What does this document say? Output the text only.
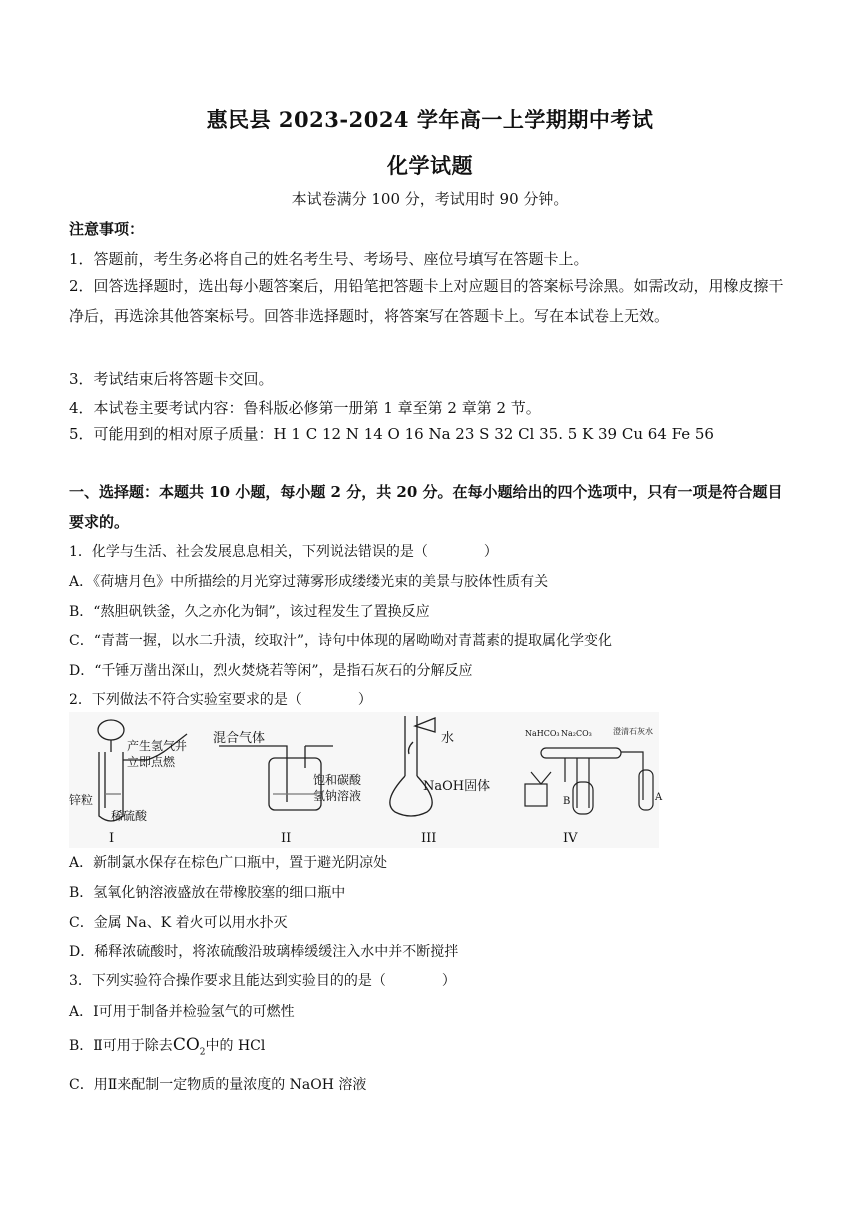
惠民县 2023-2024 学年高一上学期期中考试
化学试题
本试卷满分 100 分，考试用时 90 分钟。
注意事项：
1．答题前，考生务必将自己的姓名考生号、考场号、座位号填写在答题卡上。
2．回答选择题时，选出每小题答案后，用铅笔把答题卡上对应题目的答案标号涂黑。如需改动，用橡皮擦干净后，再选涂其他答案标号。回答非选择题时，将答案写在答题卡上。写在本试卷上无效。
3．考试结束后将答题卡交回。
4．本试卷主要考试内容：鲁科版必修第一册第 1 章至第 2 章第 2 节。
5．可能用到的相对原子质量：H 1 C 12 N 14 O 16 Na 23 S 32 Cl 35. 5 K 39 Cu 64 Fe 56
一、选择题：本题共 10 小题，每小题 2 分，共 20 分。在每小题给出的四个选项中，只有一项是符合题目要求的。
1．化学与生活、社会发展息息相关，下列说法错误的是（　　　　）
A．《荷塘月色》中所描绘的月光穿过薄雾形成缕缕光束的美景与胶体性质有关
B．“熬胆矾铁釜，久之亦化为铜”，该过程发生了置换反应
C．“青蒿一握，以水二升渍，绞取汁”，诗句中体现的屠呦呦对青蒿素的提取属化学变化
D．“千锤万凿出深山，烈火焚烧若等闲”，是指石灰石的分解反应
2．下列做法不符合实验室要求的是（　　　　）
锌粒
稀硫酸
产生氢气并
立即点燃
I
混合气体
饱和碳酸
氢钠溶液
II
水
NaOH固体
III
NaHCO₃ Na₂CO₃	澄清石灰水
B	A
IV
A．新制氯水保存在棕色广口瓶中，置于避光阴凉处
B．氢氧化钠溶液盛放在带橡胶塞的细口瓶中
C．金属 Na、K 着火可以用水扑灭
D．稀释浓硫酸时，将浓硫酸沿玻璃棒缓缓注入水中并不断搅拌
3．下列实验符合操作要求且能达到实验目的的是（　　　　）
A．Ⅰ可用于制备并检验氢气的可燃性
B．Ⅱ可用于除去$CO_2$中的 HCl
C．用Ⅱ来配制一定物质的量浓度的 NaOH 溶液
